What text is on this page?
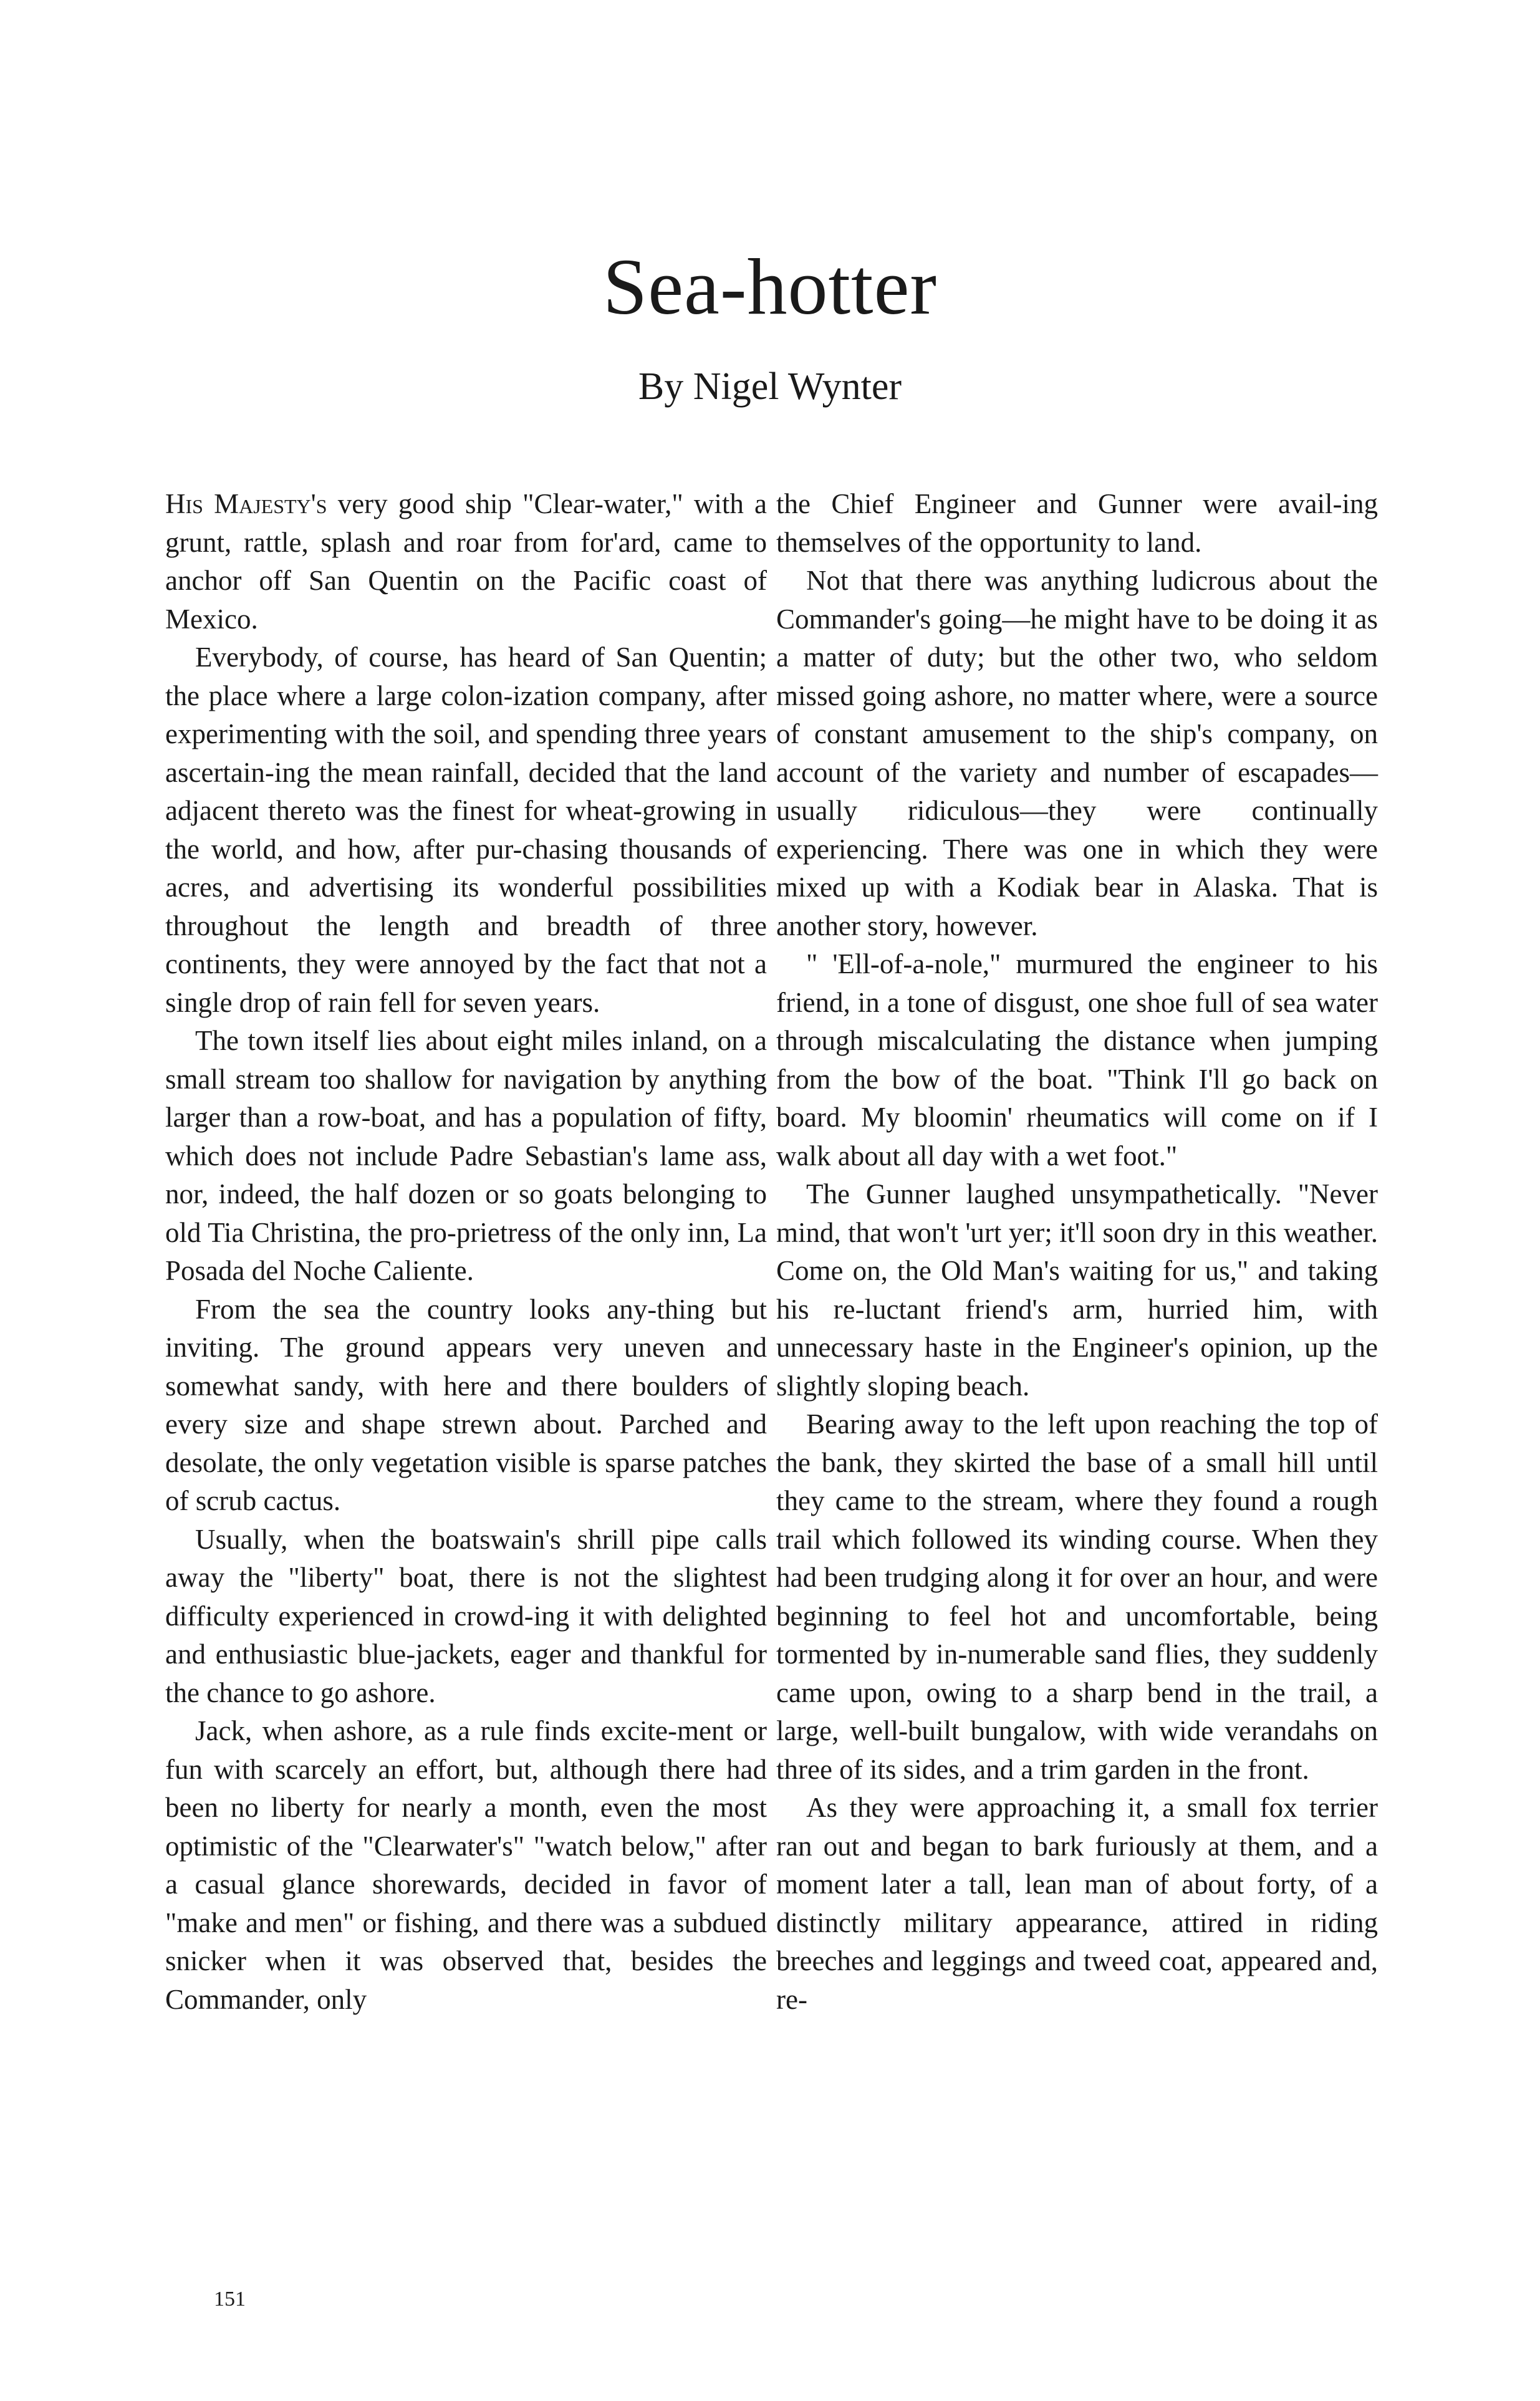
Sea-hotter
By Nigel Wynter

His Majesty's very good ship "Clear-water," with a grunt, rattle, splash and roar from for'ard, came to anchor off San Quentin on the Pacific coast of Mexico.

Everybody, of course, has heard of San Quentin; the place where a large colon-ization company, after experimenting with the soil, and spending three years ascertain-ing the mean rainfall, decided that the land adjacent thereto was the finest for wheat-growing in the world, and how, after pur-chasing thousands of acres, and advertising its wonderful possibilities throughout the length and breadth of three continents, they were annoyed by the fact that not a single drop of rain fell for seven years.

The town itself lies about eight miles inland, on a small stream too shallow for navigation by anything larger than a row-boat, and has a population of fifty, which does not include Padre Sebastian's lame ass, nor, indeed, the half dozen or so goats belonging to old Tia Christina, the pro-prietress of the only inn, La Posada del Noche Caliente.

From the sea the country looks any-thing but inviting. The ground appears very uneven and somewhat sandy, with here and there boulders of every size and shape strewn about. Parched and desolate, the only vegetation visible is sparse patches of scrub cactus.

Usually, when the boatswain's shrill pipe calls away the "liberty" boat, there is not the slightest difficulty experienced in crowd-ing it with delighted and enthusiastic blue-jackets, eager and thankful for the chance to go ashore.

Jack, when ashore, as a rule finds excite-ment or fun with scarcely an effort, but, although there had been no liberty for nearly a month, even the most optimistic of the "Clearwater's" "watch below," after a casual glance shorewards, decided in favor of "make and men" or fishing, and there was a subdued snicker when it was observed that, besides the Commander, only

the Chief Engineer and Gunner were avail-ing themselves of the opportunity to land.

Not that there was anything ludicrous about the Commander's going—he might have to be doing it as a matter of duty; but the other two, who seldom missed going ashore, no matter where, were a source of constant amusement to the ship's company, on account of the variety and number of escapades—usually ridiculous—they were continually experiencing. There was one in which they were mixed up with a Kodiak bear in Alaska. That is another story, however.

" 'Ell-of-a-nole," murmured the engineer to his friend, in a tone of disgust, one shoe full of sea water through miscalculating the distance when jumping from the bow of the boat. "Think I'll go back on board. My bloomin' rheumatics will come on if I walk about all day with a wet foot."

The Gunner laughed unsympathetically. "Never mind, that won't 'urt yer; it'll soon dry in this weather. Come on, the Old Man's waiting for us," and taking his re-luctant friend's arm, hurried him, with unnecessary haste in the Engineer's opinion, up the slightly sloping beach.

Bearing away to the left upon reaching the top of the bank, they skirted the base of a small hill until they came to the stream, where they found a rough trail which followed its winding course. When they had been trudging along it for over an hour, and were beginning to feel hot and uncomfortable, being tormented by in-numerable sand flies, they suddenly came upon, owing to a sharp bend in the trail, a large, well-built bungalow, with wide verandahs on three of its sides, and a trim garden in the front.

As they were approaching it, a small fox terrier ran out and began to bark furiously at them, and a moment later a tall, lean man of about forty, of a distinctly military appearance, attired in riding breeches and leggings and tweed coat, appeared and, re-

151
